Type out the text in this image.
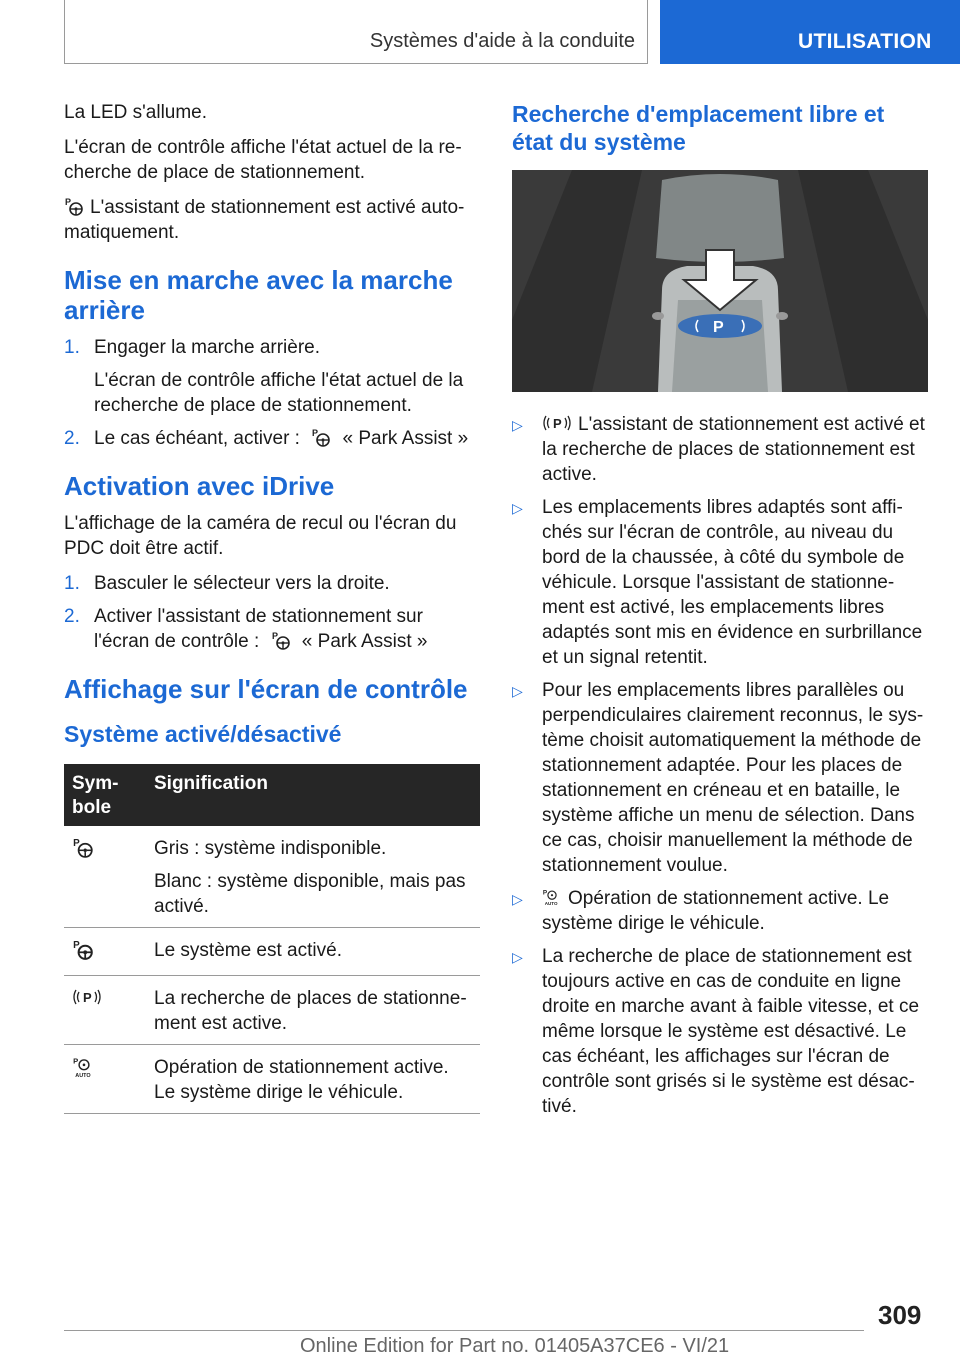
Systèmes d'aide à la conduite	UTILISATION

La LED s'allume.

L'écran de contrôle affiche l'état actuel de la re-cherche de place de stationnement.

P L'assistant de stationnement est activé auto-matiquement.

Mise en marche avec la marche arrière
1. Engager la marche arrière.
L'écran de contrôle affiche l'état actuel de la recherche de place de stationnement.
2. Le cas échéant, activer : P « Park Assist »
Activation avec iDrive

L'affichage de la caméra de recul ou l'écran du PDC doit être actif.

1. Basculer le sélecteur vers la droite.
2. Activer l'assistant de stationnement sur l'écran de contrôle : P « Park Assist »
Affichage sur l'écran de contrôle
Système activé/désactivé
Sym-bole	Signification

P	Gris : système indisponible.
Blanc : système disponible, mais pas activé.

P	Le système est activé.

P	La recherche de places de stationne-ment est active.

P
AUTO	Opération de stationnement active. Le système dirige le véhicule.
Recherche d'emplacement libre et état du système
P
▷ P L'assistant de stationnement est activé et la recherche de places de stationnement est active.
▷ Les emplacements libres adaptés sont affi-chés sur l'écran de contrôle, au niveau du bord de la chaussée, à côté du symbole de véhicule. Lorsque l'assistant de stationne-ment est activé, les emplacements libres adaptés sont mis en évidence en surbrillance et un signal retentit.
▷ Pour les emplacements libres parallèles ou perpendiculaires clairement reconnus, le sys-tème choisit automatiquement la méthode de stationnement adaptée. Pour les places de stationnement en créneau et en bataille, le système affiche un menu de sélection. Dans ce cas, choisir manuellement la méthode de stationnement voulue.
▷	P
AUTO Opération de stationnement active. Le système dirige le véhicule.
▷ La recherche de place de stationnement est toujours active en cas de conduite en ligne droite en marche avant à faible vitesse, et ce même lorsque le système est désactivé. Le cas échéant, les affichages sur l'écran de contrôle sont grisés si le système est désac-tivé.
309
Online Edition for Part no. 01405A37CE6 - VI/21
